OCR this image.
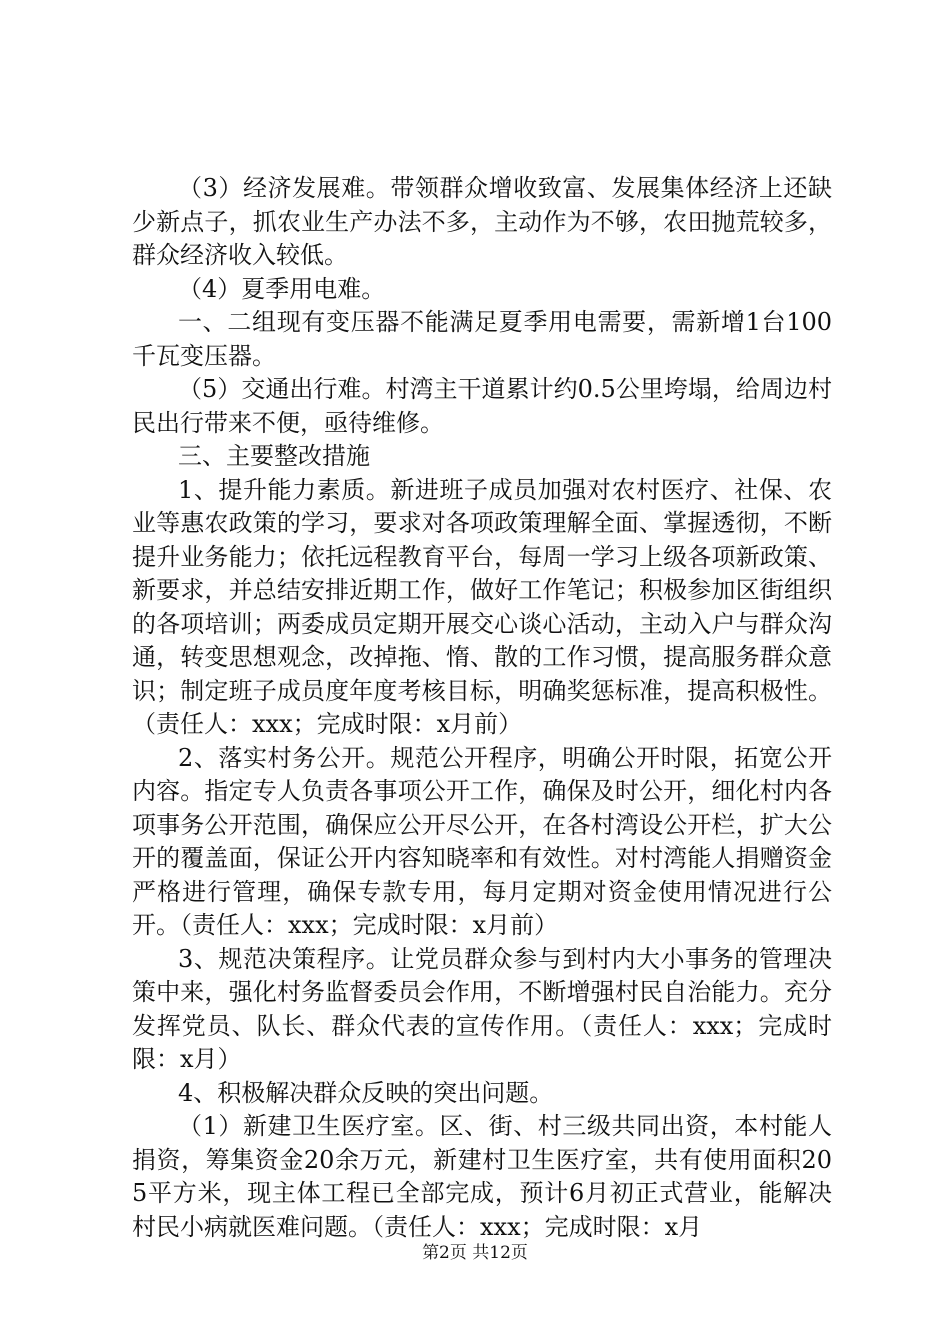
（3）经济发展难。带领群众增收致富、发展集体经济上还缺少新点子，抓农业生产办法不多，主动作为不够，农田抛荒较多，群众经济收入较低。

（4）夏季用电难。

一、二组现有变压器不能满足夏季用电需要，需新增1台100千瓦变压器。

（5）交通出行难。村湾主干道累计约0.5公里垮塌，给周边村民出行带来不便，亟待维修。

三、主要整改措施

1、提升能力素质。新进班子成员加强对农村医疗、社保、农业等惠农政策的学习，要求对各项政策理解全面、掌握透彻，不断提升业务能力；依托远程教育平台，每周一学习上级各项新政策、新要求，并总结安排近期工作，做好工作笔记；积极参加区街组织的各项培训；两委成员定期开展交心谈心活动，主动入户与群众沟通，转变思想观念，改掉拖、惰、散的工作习惯，提高服务群众意识；制定班子成员度年度考核目标，明确奖惩标准，提高积极性。（责任人：xxx；完成时限：x月前）

2、落实村务公开。规范公开程序，明确公开时限，拓宽公开内容。指定专人负责各事项公开工作，确保及时公开，细化村内各项事务公开范围，确保应公开尽公开，在各村湾设公开栏，扩大公开的覆盖面，保证公开内容知晓率和有效性。对村湾能人捐赠资金严格进行管理，确保专款专用，每月定期对资金使用情况进行公开。（责任人：xxx；完成时限：x月前）

3、规范决策程序。让党员群众参与到村内大小事务的管理决策中来，强化村务监督委员会作用，不断增强村民自治能力。充分发挥党员、队长、群众代表的宣传作用。（责任人：xxx；完成时限：x月）

4、积极解决群众反映的突出问题。

（1）新建卫生医疗室。区、街、村三级共同出资，本村能人捐资，筹集资金20余万元，新建村卫生医疗室，共有使用面积205平方米，现主体工程已全部完成，预计6月初正式营业，能解决村民小病就医难问题。（责任人：xxx；完成时限：x月

第2页 共12页
